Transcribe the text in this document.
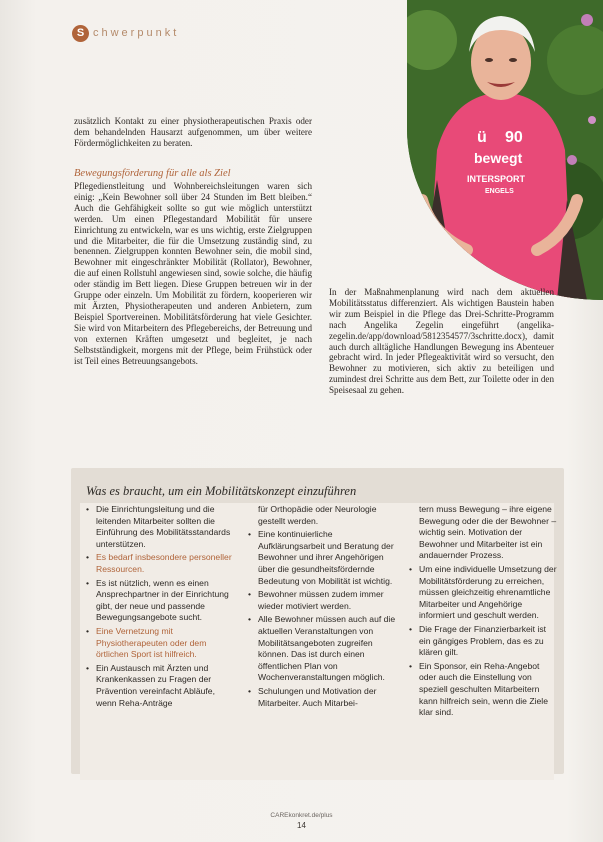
S chwerpunkt
ü 90
bewegt
INTERSPORT
ENGELS
zusätzlich Kontakt zu einer physiotherapeutischen Praxis oder dem behandelnden Hausarzt aufgenommen, um über weitere Fördermöglichkeiten zu beraten.
Bewegungsförderung für alle als Ziel
Pflegedienstleitung und Wohnbereichsleitungen waren sich einig: „Kein Bewohner soll über 24 Stunden im Bett bleiben.“ Auch die Gehfähigkeit sollte so gut wie möglich unterstützt werden. Um einen Pflegestandard Mobilität für unsere Einrichtung zu entwickeln, war es uns wichtig, erste Zielgruppen und die Mitarbeiter, die für die Umsetzung zuständig sind, zu benennen. Zielgruppen konnten Bewohner sein, die mobil sind, Bewohner mit eingeschränkter Mobilität (Rollator), Bewohner, die auf einen Rollstuhl angewiesen sind, sowie solche, die häufig oder ständig im Bett liegen. Diese Gruppen betreuen wir in der Gruppe oder einzeln. Um Mobilität zu fördern, kooperieren wir mit Ärzten, Physiotherapeuten und anderen Anbietern, zum Beispiel Sportvereinen. Mobilitätsförderung hat viele Gesichter. Sie wird von Mitarbeitern des Pflegebereichs, der Betreuung und von externen Kräften umgesetzt und begleitet, je nach Selbstständigkeit, morgens mit der Pflege, beim Frühstück oder ist Teil eines Betreuungsangebots.
In der Maßnahmenplanung wird nach dem aktuellen Mobilitätsstatus differenziert. Als wichtigen Baustein haben wir zum Beispiel in die Pflege das Drei-Schritte-Programm nach Angelika Zegelin eingeführt (angelika-zegelin.de/app/download/5812354577/3schritte.docx), damit auch durch alltägliche Handlungen Bewegung ins Abenteuer gebracht wird. In jeder Pflegeaktivität wird so versucht, den Bewohner zu motivieren, sich aktiv zu beteiligen und zumindest drei Schritte aus dem Bett, zur Toilette oder in den Speisesaal zu gehen.
Was es braucht, um ein Mobilitätskonzept einzuführen
• Die Einrichtungsleitung und die leitenden Mitarbeiter sollten die Einführung des Mobilitätsstandards unterstützen.
• Es bedarf insbesondere personeller Ressourcen.
• Es ist nützlich, wenn es einen Ansprechpartner in der Einrichtung gibt, der neue und passende Bewegungsangebote sucht.
• Eine Vernetzung mit Physiotherapeuten oder dem örtlichen Sport ist hilfreich.
• Ein Austausch mit Ärzten und Krankenkassen zu Fragen der Prävention vereinfacht Abläufe, wenn Reha-Anträge
für Orthopädie oder Neurologie gestellt werden.
• Eine kontinuierliche Aufklärungsarbeit und Beratung der Bewohner und ihrer Angehörigen über die gesundheitsfördernde Bedeutung von Mobilität ist wichtig.
• Bewohner müssen zudem immer wieder motiviert werden.
• Alle Bewohner müssen auch auf die aktuellen Veranstaltungen von Mobilitätsangeboten zugreifen können. Das ist durch einen öffentlichen Plan von Wochenveranstaltungen möglich.
• Schulungen und Motivation der Mitarbeiter. Auch Mitarbei-
tern muss Bewegung – ihre eigene Bewegung oder die der Bewohner – wichtig sein. Motivation der Bewohner und Mitarbeiter ist ein andauernder Prozess.
• Um eine individuelle Umsetzung der Mobilitätsförderung zu erreichen, müssen gleichzeitig ehrenamtliche Mitarbeiter und Angehörige informiert und geschult werden.
• Die Frage der Finanzierbarkeit ist ein gängiges Problem, das es zu klären gilt.
• Ein Sponsor, ein Reha-Angebot oder auch die Einstellung von speziell geschulten Mitarbeitern kann hilfreich sein, wenn die Ziele klar sind.
CAREkonkret.de/plus
14
